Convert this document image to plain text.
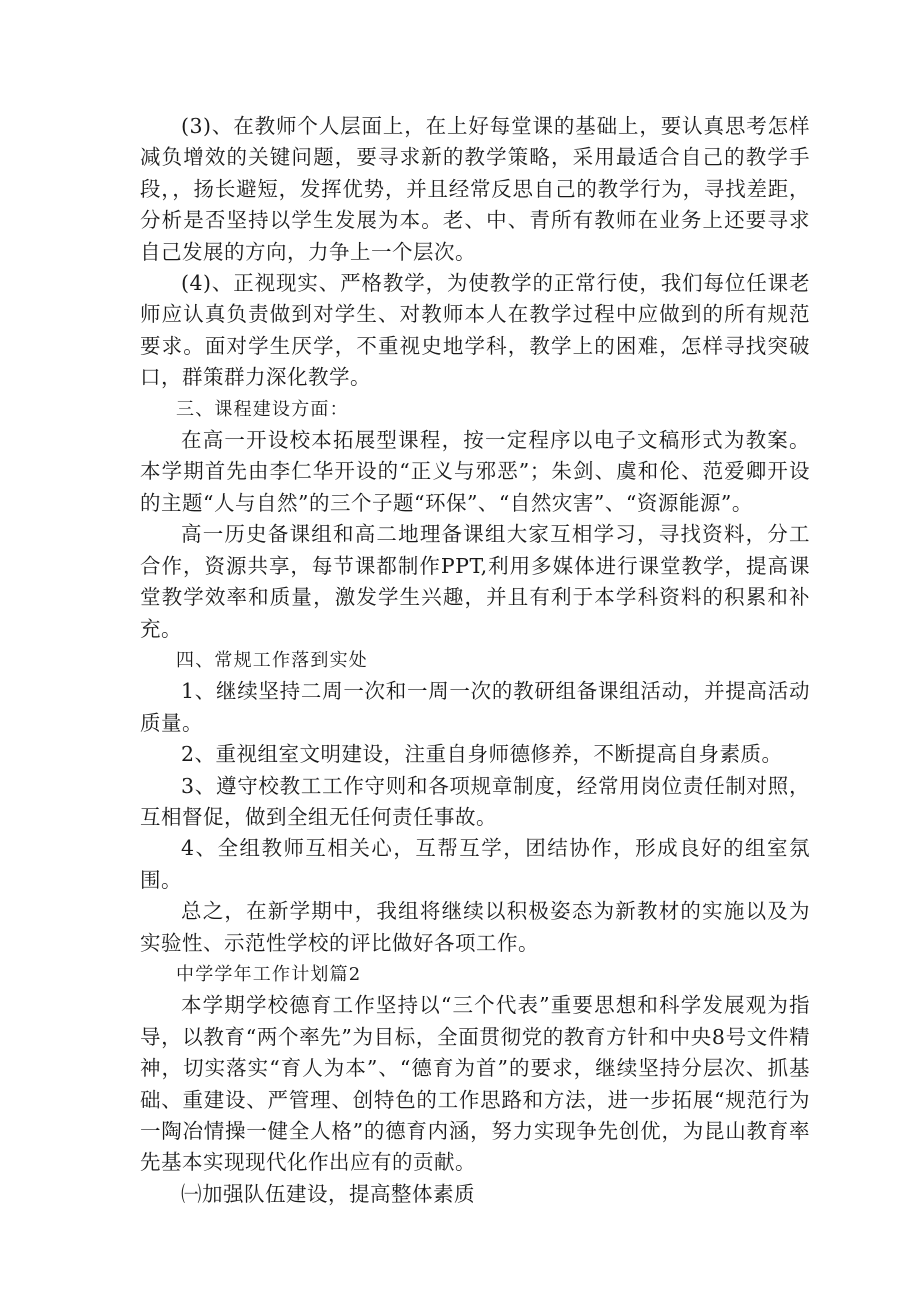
(3)、在教师个人层面上，在上好每堂课的基础上，要认真思考怎样减负增效的关键问题，要寻求新的教学策略，采用最适合自己的教学手段，，扬长避短，发挥优势，并且经常反思自己的教学行为，寻找差距，分析是否坚持以学生发展为本。老、中、青所有教师在业务上还要寻求自己发展的方向，力争上一个层次。

(4)、正视现实、严格教学，为使教学的正常行使，我们每位任课老师应认真负责做到对学生、对教师本人在教学过程中应做到的所有规范要求。面对学生厌学，不重视史地学科，教学上的困难，怎样寻找突破口，群策群力深化教学。

三、课程建设方面：

在高一开设校本拓展型课程，按一定程序以电子文稿形式为教案。本学期首先由李仁华开设的“正义与邪恶”；朱剑、虞和伦、范爱卿开设的主题“人与自然”的三个子题“环保”、“自然灾害”、“资源能源”。

高一历史备课组和高二地理备课组大家互相学习，寻找资料，分工合作，资源共享，每节课都制作PPT,利用多媒体进行课堂教学，提高课堂教学效率和质量，激发学生兴趣，并且有利于本学科资料的积累和补充。

四、常规工作落到实处

1、继续坚持二周一次和一周一次的教研组备课组活动，并提高活动质量。

2、重视组室文明建设，注重自身师德修养，不断提高自身素质。

3、遵守校教工工作守则和各项规章制度，经常用岗位责任制对照，互相督促，做到全组无任何责任事故。

4、全组教师互相关心，互帮互学，团结协作，形成良好的组室氛围。

总之，在新学期中，我组将继续以积极姿态为新教材的实施以及为实验性、示范性学校的评比做好各项工作。

中学学年工作计划篇2

本学期学校德育工作坚持以“三个代表”重要思想和科学发展观为指导，以教育“两个率先”为目标，全面贯彻党的教育方针和中央8号文件精神，切实落实“育人为本”、“德育为首”的要求，继续坚持分层次、抓基础、重建设、严管理、创特色的工作思路和方法，进一步拓展“规范行为一陶冶情操一健全人格”的德育内涵，努力实现争先创优，为昆山教育率先基本实现现代化作出应有的贡献。

㈠加强队伍建设，提高整体素质
